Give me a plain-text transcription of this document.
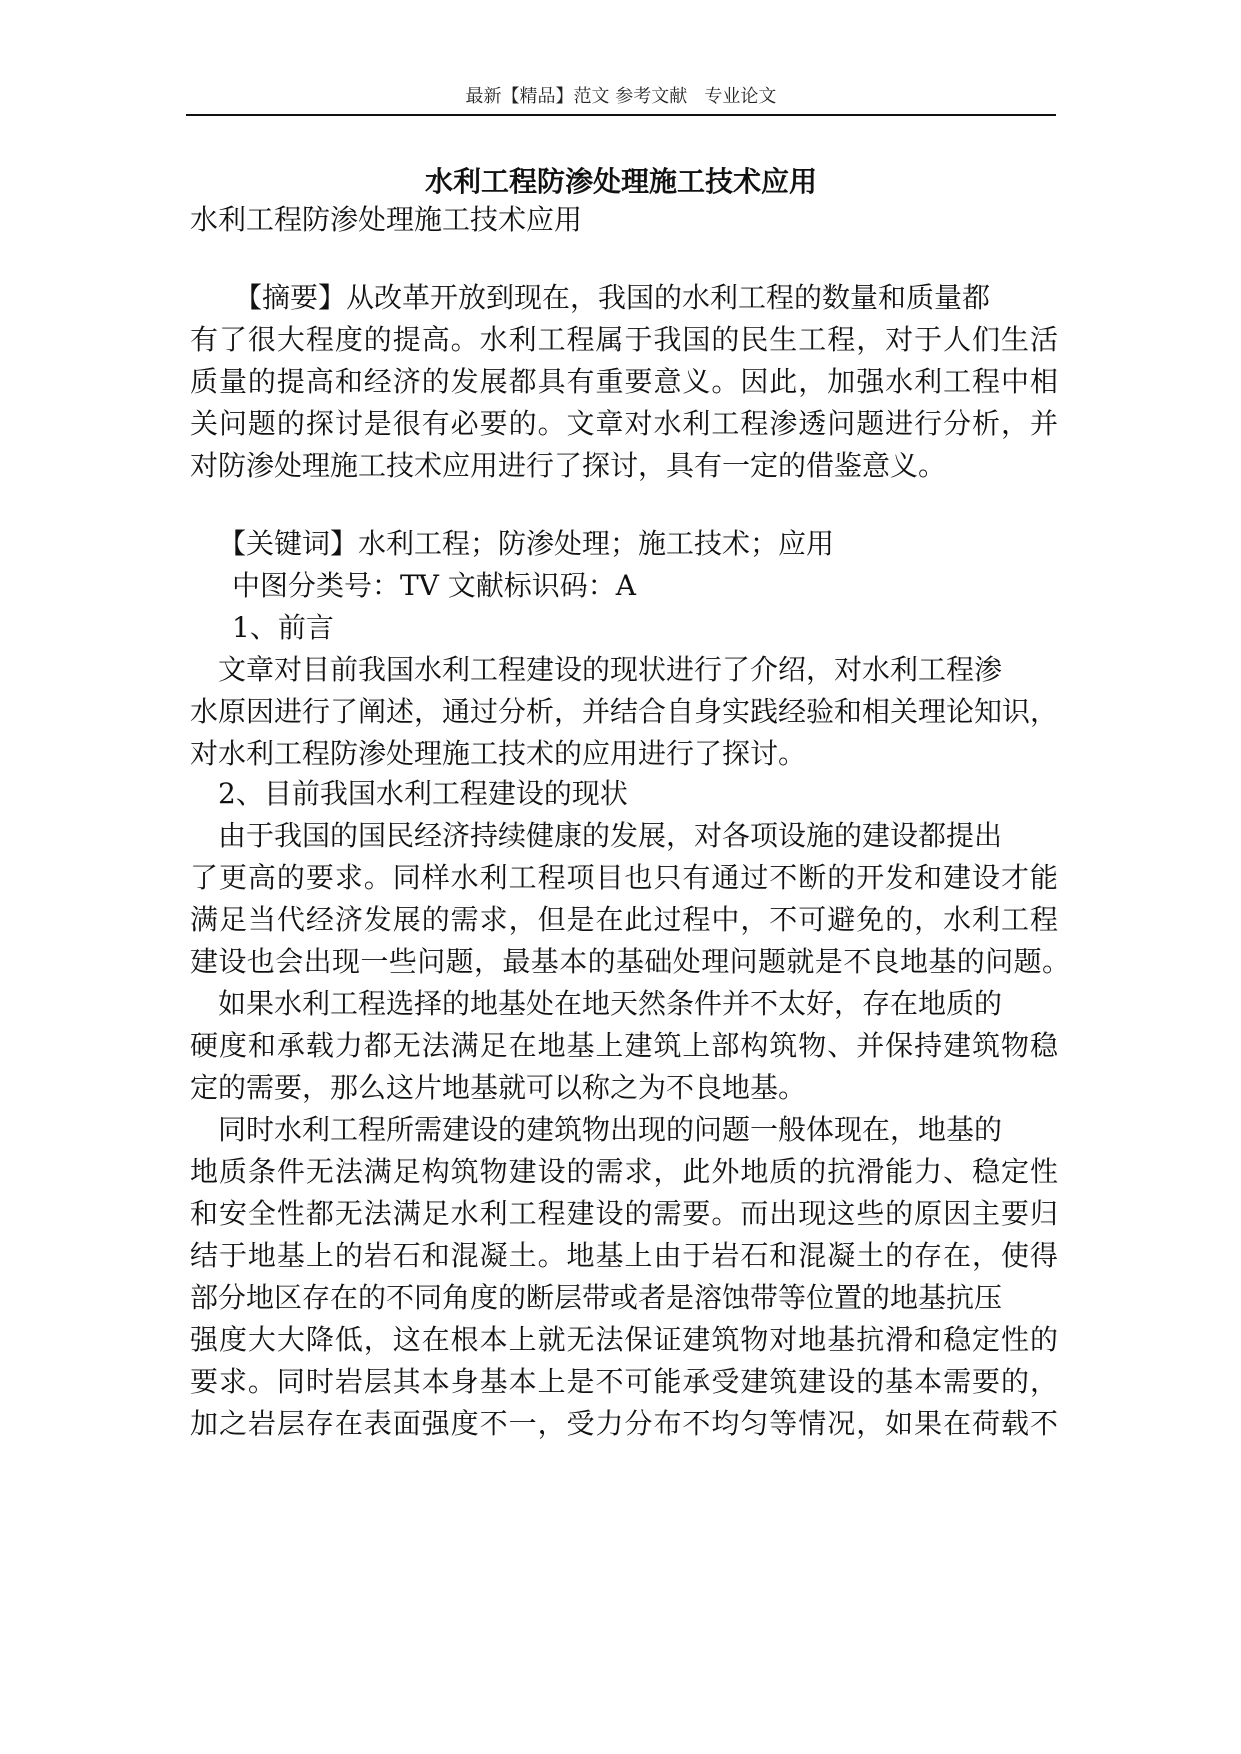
最新【精品】范文 参考文献   专业论文
水利工程防渗处理施工技术应用
水利工程防渗处理施工技术应用
【摘要】从改革开放到现在，我国的水利工程的数量和质量都
有了很大程度的提高。水利工程属于我国的民生工程，对于人们生活
质量的提高和经济的发展都具有重要意义。因此，加强水利工程中相
关问题的探讨是很有必要的。文章对水利工程渗透问题进行分析，并
对防渗处理施工技术应用进行了探讨，具有一定的借鉴意义。
【关键词】水利工程；防渗处理；施工技术；应用
中图分类号：TV 文献标识码：A
1、前言
文章对目前我国水利工程建设的现状进行了介绍，对水利工程渗
水原因进行了阐述，通过分析，并结合自身实践经验和相关理论知识，
对水利工程防渗处理施工技术的应用进行了探讨。
2、目前我国水利工程建设的现状
由于我国的国民经济持续健康的发展，对各项设施的建设都提出
了更高的要求。同样水利工程项目也只有通过不断的开发和建设才能
满足当代经济发展的需求，但是在此过程中，不可避免的，水利工程
建设也会出现一些问题，最基本的基础处理问题就是不良地基的问题。
如果水利工程选择的地基处在地天然条件并不太好，存在地质的
硬度和承载力都无法满足在地基上建筑上部构筑物、并保持建筑物稳
定的需要，那么这片地基就可以称之为不良地基。
同时水利工程所需建设的建筑物出现的问题一般体现在，地基的
地质条件无法满足构筑物建设的需求，此外地质的抗滑能力、稳定性
和安全性都无法满足水利工程建设的需要。而出现这些的原因主要归
结于地基上的岩石和混凝土。地基上由于岩石和混凝土的存在，使得
部分地区存在的不同角度的断层带或者是溶蚀带等位置的地基抗压
强度大大降低，这在根本上就无法保证建筑物对地基抗滑和稳定性的
要求。同时岩层其本身基本上是不可能承受建筑建设的基本需要的，
加之岩层存在表面强度不一，受力分布不均匀等情况，如果在荷载不
